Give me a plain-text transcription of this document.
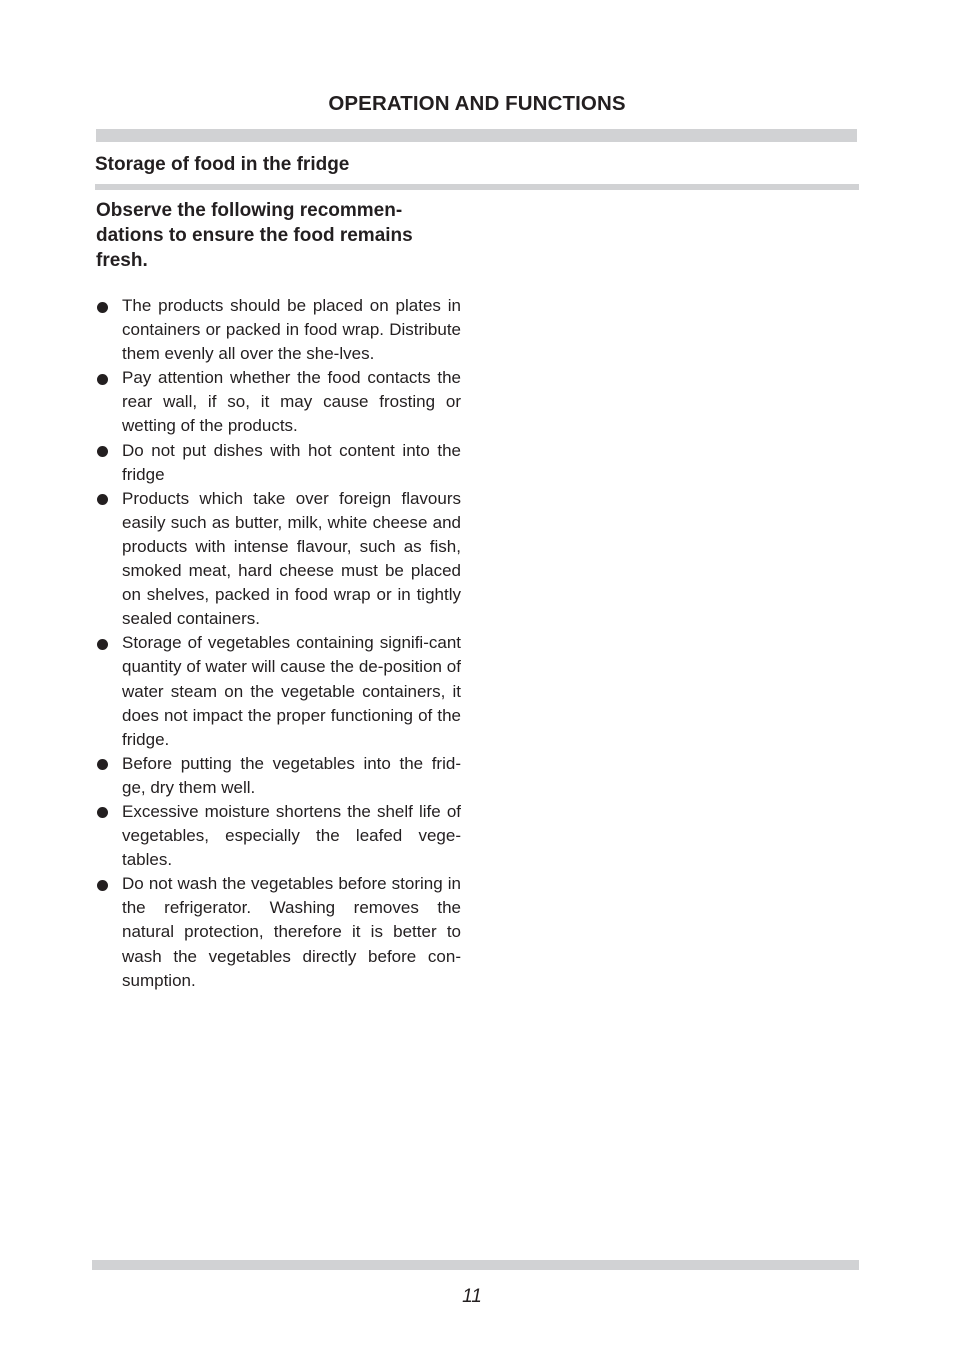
OPERATION AND FUNCTIONS
Storage of food in the fridge
Observe the following recommen-dations to ensure the food remains fresh.
The products should be placed on plates in containers or packed in food wrap. Distribute them evenly all over the she-lves.
Pay attention whether the food contacts the rear wall, if so, it may cause frosting or wetting of the products.
Do not put dishes with hot content into the fridge
Products which take over foreign flavours easily such as butter, milk, white cheese and products with intense flavour, such as fish, smoked meat, hard cheese must be placed on shelves, packed in food wrap or in tightly sealed containers.
Storage of vegetables containing signifi-cant quantity of water will cause the de-position of water steam on the vegetable containers, it does not impact the proper functioning of the fridge.
Before putting the vegetables into the frid-ge, dry them well.
Excessive moisture shortens the shelf life of vegetables, especially the leafed vege-tables.
Do not wash the vegetables before storing in the refrigerator. Washing removes the natural protection, therefore it is better to wash the vegetables directly before con-sumption.
11
